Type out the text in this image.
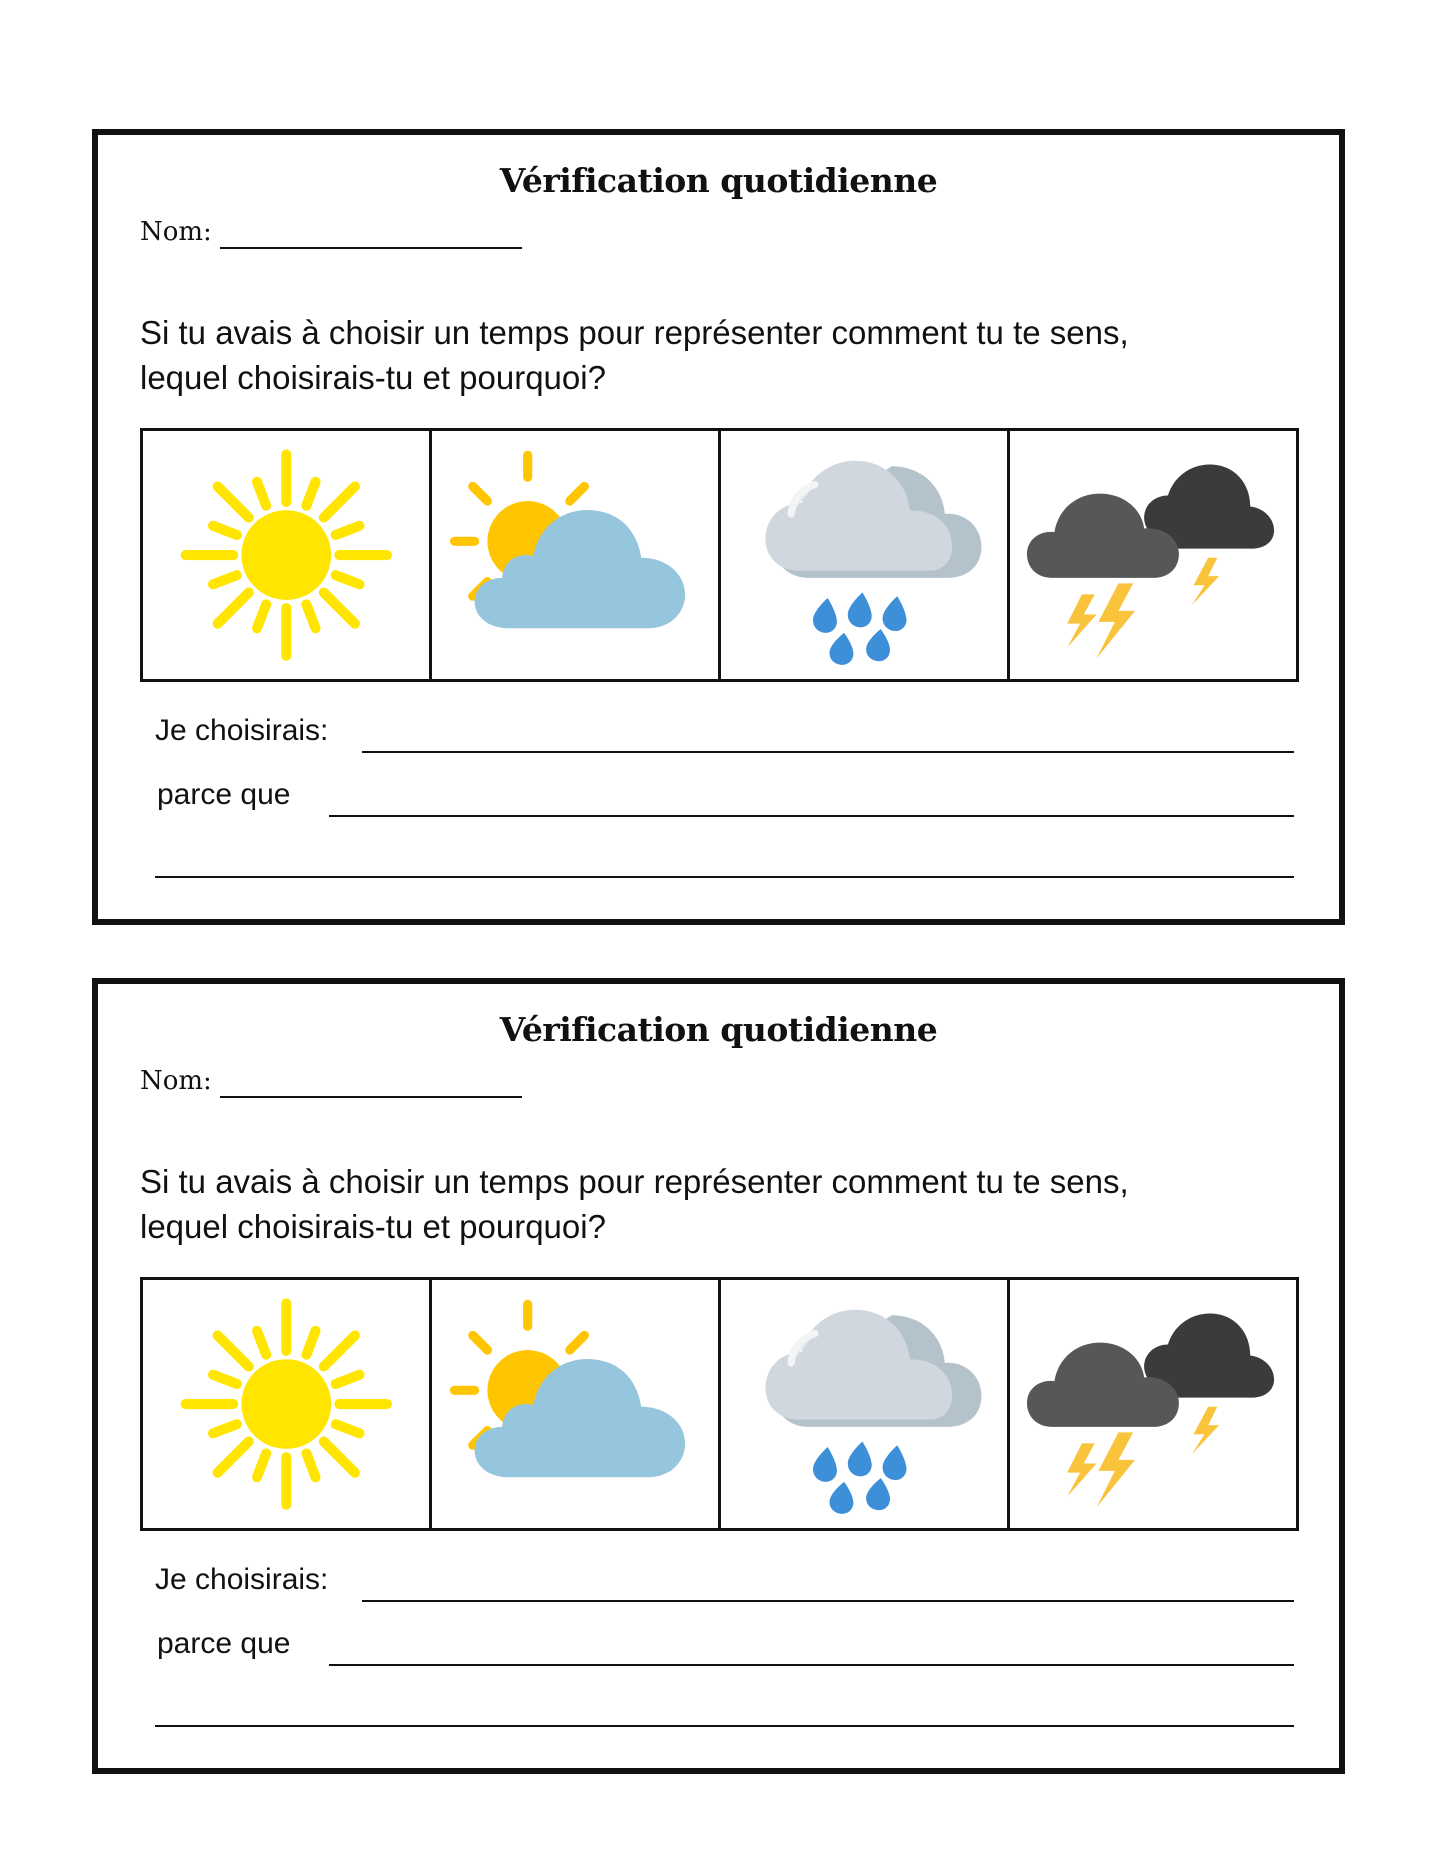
Vérification quotidienne
Nom:
Si tu avais à choisir un temps pour représenter comment tu te sens,
lequel choisirais-tu et pourquoi?
Je choisirais:
parce que
Vérification quotidienne
Nom:
Si tu avais à choisir un temps pour représenter comment tu te sens,
lequel choisirais-tu et pourquoi?
Je choisirais:
parce que
